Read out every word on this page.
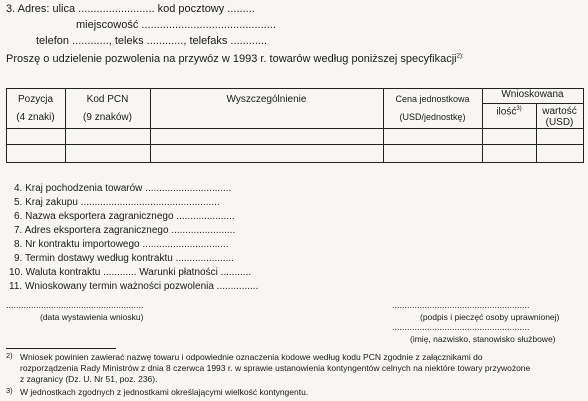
3. Adres: ulica ......................... kod pocztowy .........
miejscowość ............................................
telefon ............, teleks ............, telefaks ............
Proszę o udzielenie pozwolenia na przywóz w 1993 r. towarów według poniższej specyfikacji$^{2):}$
Pozycja
(4 znaki)
Kod PCN
(9 znaków)
Wyszczególnienie	Cena jednostkowa
(USD/jednostkę)
Wnioskowana
ilość$^{3)}$	wartość
(USD)
4. Kraj pochodzenia towarów ...............................
5. Kraj zakupu ..................................................
6. Nazwa eksportera zagranicznego .....................
7. Adres eksportera zagranicznego .......................
8. Nr kontraktu importowego ...............................
9. Termin dostawy według kontraktu .....................
10. Waluta kontraktu ............ Warunki płatności ...........
11. Wnioskowany termin ważności pozwolenia ...............
.......................................................
(data wystawienia wniosku)
.......................................................
(podpis i pieczęć osoby uprawnionej)
.......................................................
(imię, nazwisko, stanowisko służbowe)
2) Wniosek powinien zawierać nazwę towaru i odpowiednie oznaczenia kodowe według kodu PCN zgodnie z załącznikami do
rozporządzenia Rady Ministrów z dnia 8 czerwca 1993 r. w sprawie ustanowienia kontyngentów celnych na niektóre towary przywożone
z zagranicy (Dz. U. Nr 51, poz. 236).
3) W jednostkach zgodnych z jednostkami określającymi wielkość kontyngentu.
